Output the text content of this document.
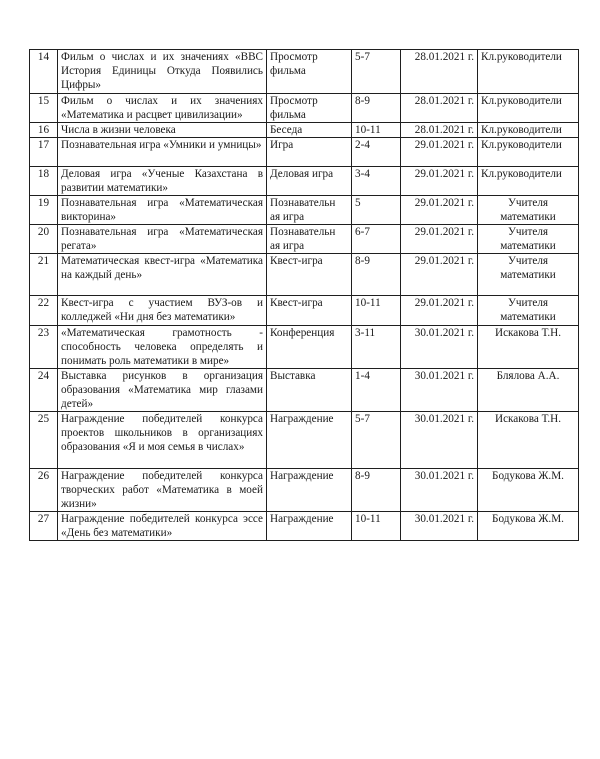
14	Фильм о числах и их значениях «BBC История Единицы Откуда Появились Цифры»	Просмотр фильма	5-7	28.01.2021 г.	Кл.руководители
15	Фильм о числах и их значениях «Математика и расцвет цивилизации»	Просмотр фильма	8-9	28.01.2021 г.	Кл.руководители
16	Числа в жизни человека	Беседа	10-11	28.01.2021 г.	Кл.руководители
17	Познавательная игра «Умники и умницы»	Игра	2-4	29.01.2021 г.	Кл.руководители
18	Деловая игра «Ученые Казахстана в развитии математики»	Деловая игра	3-4	29.01.2021 г.	Кл.руководители
19	Познавательная игра «Математическая викторина»	Познавательн ая игра	5	29.01.2021 г.	Учителя математики
20	Познавательная игра «Математическая регата»	Познавательн ая игра	6-7	29.01.2021 г.	Учителя математики
21	Математическая квест-игра «Математика на каждый день»	Квест-игра	8-9	29.01.2021 г.	Учителя математики
22	Квест-игра с участием ВУЗ-ов и колледжей «Ни дня без математики»	Квест-игра	10-11	29.01.2021 г.	Учителя математики
23	«Математическая грамотность - способность человека определять и понимать роль математики в мире»	Конференция	3-11	30.01.2021 г.	Искакова Т.Н.
24	Выставка рисунков в организация образования «Математика мир глазами детей»	Выставка	1-4	30.01.2021 г.	Блялова А.А.
25	Награждение победителей конкурса проектов школьников в организациях образования «Я и моя семья в числах»	Награждение	5-7	30.01.2021 г.	Искакова Т.Н.
26	Награждение победителей конкурса творческих работ «Математика в моей жизни»	Награждение	8-9	30.01.2021 г.	Бодукова Ж.М.
27	Награждение победителей конкурса эссе «День без математики»	Награждение	10-11	30.01.2021 г.	Бодукова Ж.М.
